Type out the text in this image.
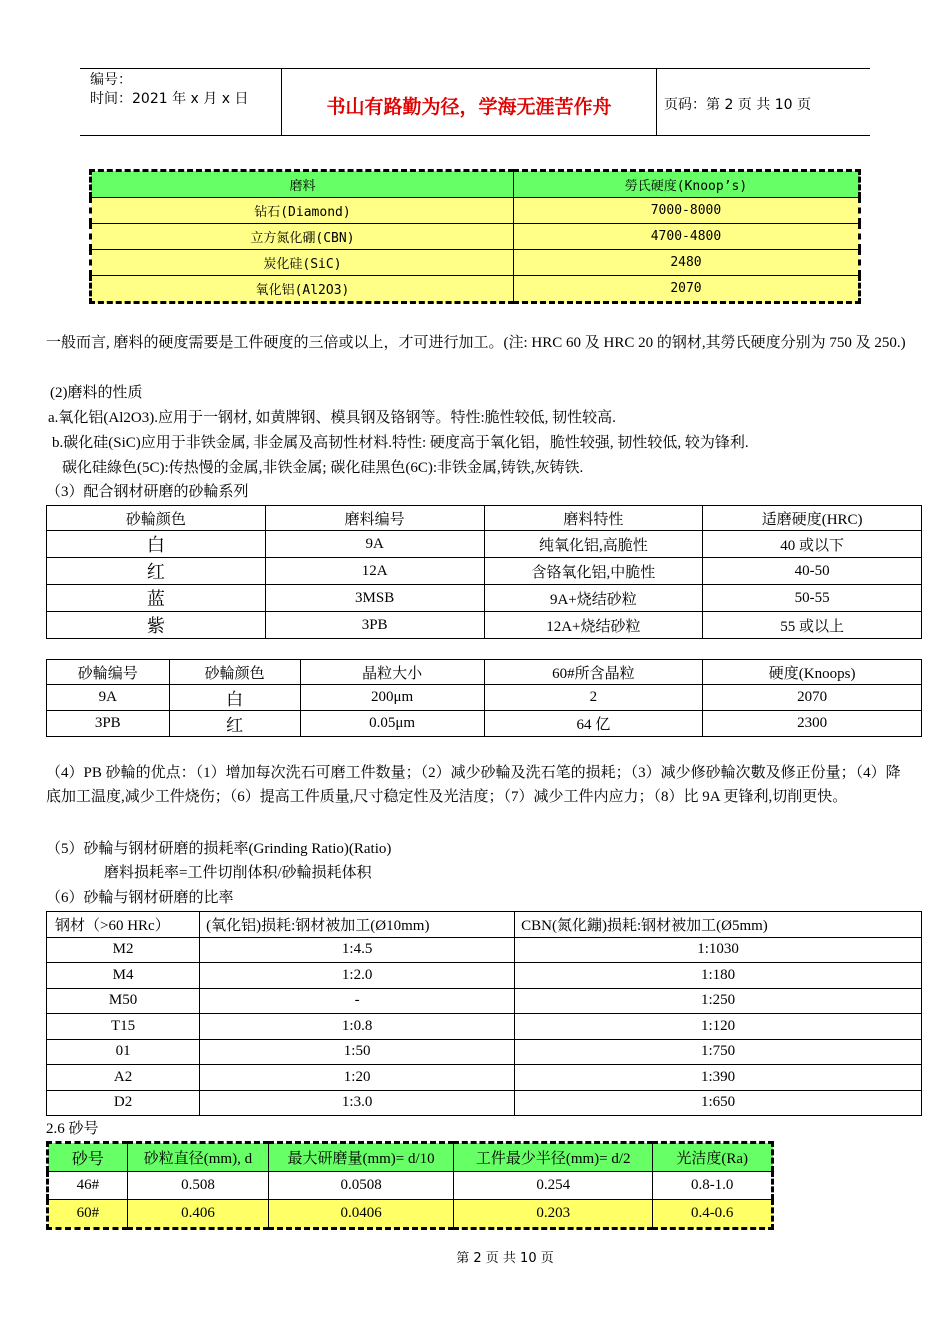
编号：
时间：2021 年 x 月 x 日	书山有路勤为径，学海无涯苦作舟	页码：第 2 页 共 10 页
磨料	勞氏硬度(Knoop’s)
钻石(Diamond)	7000-8000
立方氮化硼(CBN)	4700-4800
炭化硅(SiC)	2480
氧化铝(Al2O3)	2070
一般而言, 磨料的硬度需要是工件硬度的三倍或以上，才可进行加工。(注: HRC 60 及 HRC 20 的钢材,其勞氏硬度分别为 750 及 250.)
(2)磨料的性质
a.氧化铝(Al2O3).应用于一钢材, 如黄牌钢、模具钢及铬钢等。特性:脆性较低, 韧性较高.
b.碳化硅(SiC)应用于非铁金属, 非金属及高韧性材料.特性: 硬度高于氧化铝，脆性较强, 韧性较低, 较为锋利.
碳化硅綠色(5C):传热慢的金属,非铁金属; 碳化硅黑色(6C):非铁金属,铸铁,灰铸铁.
（3）配合钢材研磨的砂輪系列
砂輪颜色	磨料编号	磨料特性	适磨硬度(HRC)
白	9A	纯氧化铝,高脆性	40 或以下
红	12A	含铬氧化铝,中脆性	40-50
蓝	3MSB	9A+烧结砂粒	50-55
紫	3PB	12A+烧结砂粒	55 或以上
砂輪编号	砂輪颜色	晶粒大小	60#所含晶粒	硬度(Knoops)
9A	白	200μm	2	2070
3PB	红	0.05μm	64 亿	2300
（4）PB 砂輪的优点：（1）增加每次洗石可磨工件数量；（2）减少砂輪及洗石笔的损耗；（3）减少修砂輪次數及修正份量；（4）降底加工温度,减少工件烧伤；（6）提高工件质量,尺寸稳定性及光洁度；（7）减少工件内应力；（8）比 9A 更锋利,切削更快。
（5）砂輪与钢材研磨的损耗率(Grinding Ratio)(Ratio)
磨料损耗率=工件切削体积/砂輪损耗体积
（6）砂輪与钢材研磨的比率
钢材（>60 HRc）	(氧化铝)损耗:钢材被加工(Ø10mm)	CBN(氮化鏰)损耗:钢材被加工(Ø5mm)
M2	1:4.5	1:1030
M4	1:2.0	1:180
M50	-	1:250
T15	1:0.8	1:120
01	1:50	1:750
A2	1:20	1:390
D2	1:3.0	1:650
2.6 砂号
砂号	砂粒直径(mm), d	最大研磨量(mm)= d/10	工件最少半径(mm)= d/2	光洁度(Ra)
46#	0.508	0.0508	0.254	0.8-1.0
60#	0.406	0.0406	0.203	0.4-0.6
第 2 页 共 10 页
